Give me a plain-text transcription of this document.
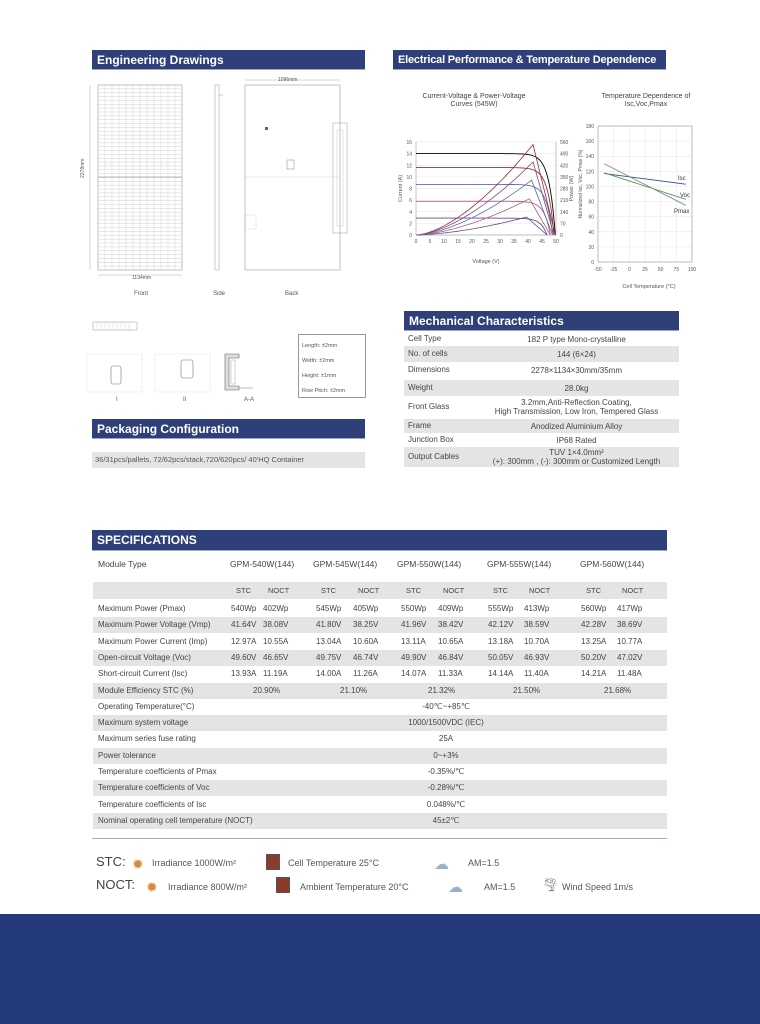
Engineering Drawings	Electrical Performance & Temperature Dependence
1096mm
2278mm
1134mm
Front	Side	Back
I	II	A-A
Length: ±2mm
Width: ±2mm
Height: ±1mm
Row Pitch: ±2mm
Packaging Configuration
36/31pcs/pallets, 72/62pcs/stack,720/620pcs/ 40'HQ Container
Current-Voltage & Power-Voltage Curves (545W)
0
2
4
6
8
10
12
14
16
0
70
140
210
280
350
420
490
560
0 5 10 15 20 25 30 35 40 45 50
Voltage (V)
Current (A)	Power (W)
Temperature Dependence of Isc,Voc,Pmax
0
20
40
60
80
100
120
140
160
180
-50 -25 0 25 50 75 100
Isc
Voc
Pmax
Cell Temperature (°C)
Normalized Isc, Voc, Pmax (%)
Mechanical Characteristics
Cell Type	182 P type Mono-crystalline
No. of cells	144 (6×24)
Dimensions	2278×1134×30mm/35mm
Weight	28.0kg
Front Glass	3.2mm,Anti-Reflection Coating,
High Transmission, Low Iron, Tempered Glass
Frame	Anodized Aluminium Alloy
Junction Box	IP68 Rated
Output Cables	TUV 1×4.0mm²
(+): 300mm , (-): 300mm or Customized Length
SPECIFICATIONS
Module Type	GPM-540W(144) GPM-545W(144) GPM-550W(144)	GPM-555W(144)	GPM-560W(144)
STC NOCT	STC	NOCT	STC	NOCT	STC	NOCT	STC	NOCT
Maximum Power (Pmax)	540Wp 402Wp	545Wp 405Wp	550Wp 409Wp	555Wp 413Wp	560Wp 417Wp
Maximum Power Voltage (Vmp)	41.64V 38.08V	41.80V 38.25V	41.96V 38.42V	42.12V 38.59V	42.28V 38.69V
Maximum Power Current (Imp)	12.97A 10.55A	13.04A 10.60A	13.11A 10.65A	13.18A 10.70A	13.25A 10.77A
Open-circuit Voltage (Voc)	49.60V 46.65V	49.75V 46.74V	49.90V 46.84V	50.05V 46.93V	50.20V 47.02V
Short-circuit Current (Isc)	13.93A 11.19A	14.00A 11.26A	14.07A 11.33A	14.14A 11.40A	14.21A 11.48A
Module Efficiency STC (%)	20.90%	21.10%	21.32%	21.50%	21.68%
Operating Temperature(°C)	-40℃~+85℃
Maximum system voltage	1000/1500VDC (IEC)
Maximum series fuse rating	25A
Power tolerance	0~+3%
Temperature coefficients of Pmax	-0.35%/℃
Temperature coefficients of Voc	-0.28%/℃
Temperature coefficients of Isc	0.048%/℃
Nominal operating cell temperature (NOCT)	45±2℃
STC: ✹ Irradiance 1000W/m²	Cell Temperature 25°C	☁ AM=1.5
NOCT: ✹ Irradiance 800W/m²	Ambient Temperature 20°C	☁ AM=1.5 🌪 Wind Speed 1m/s
